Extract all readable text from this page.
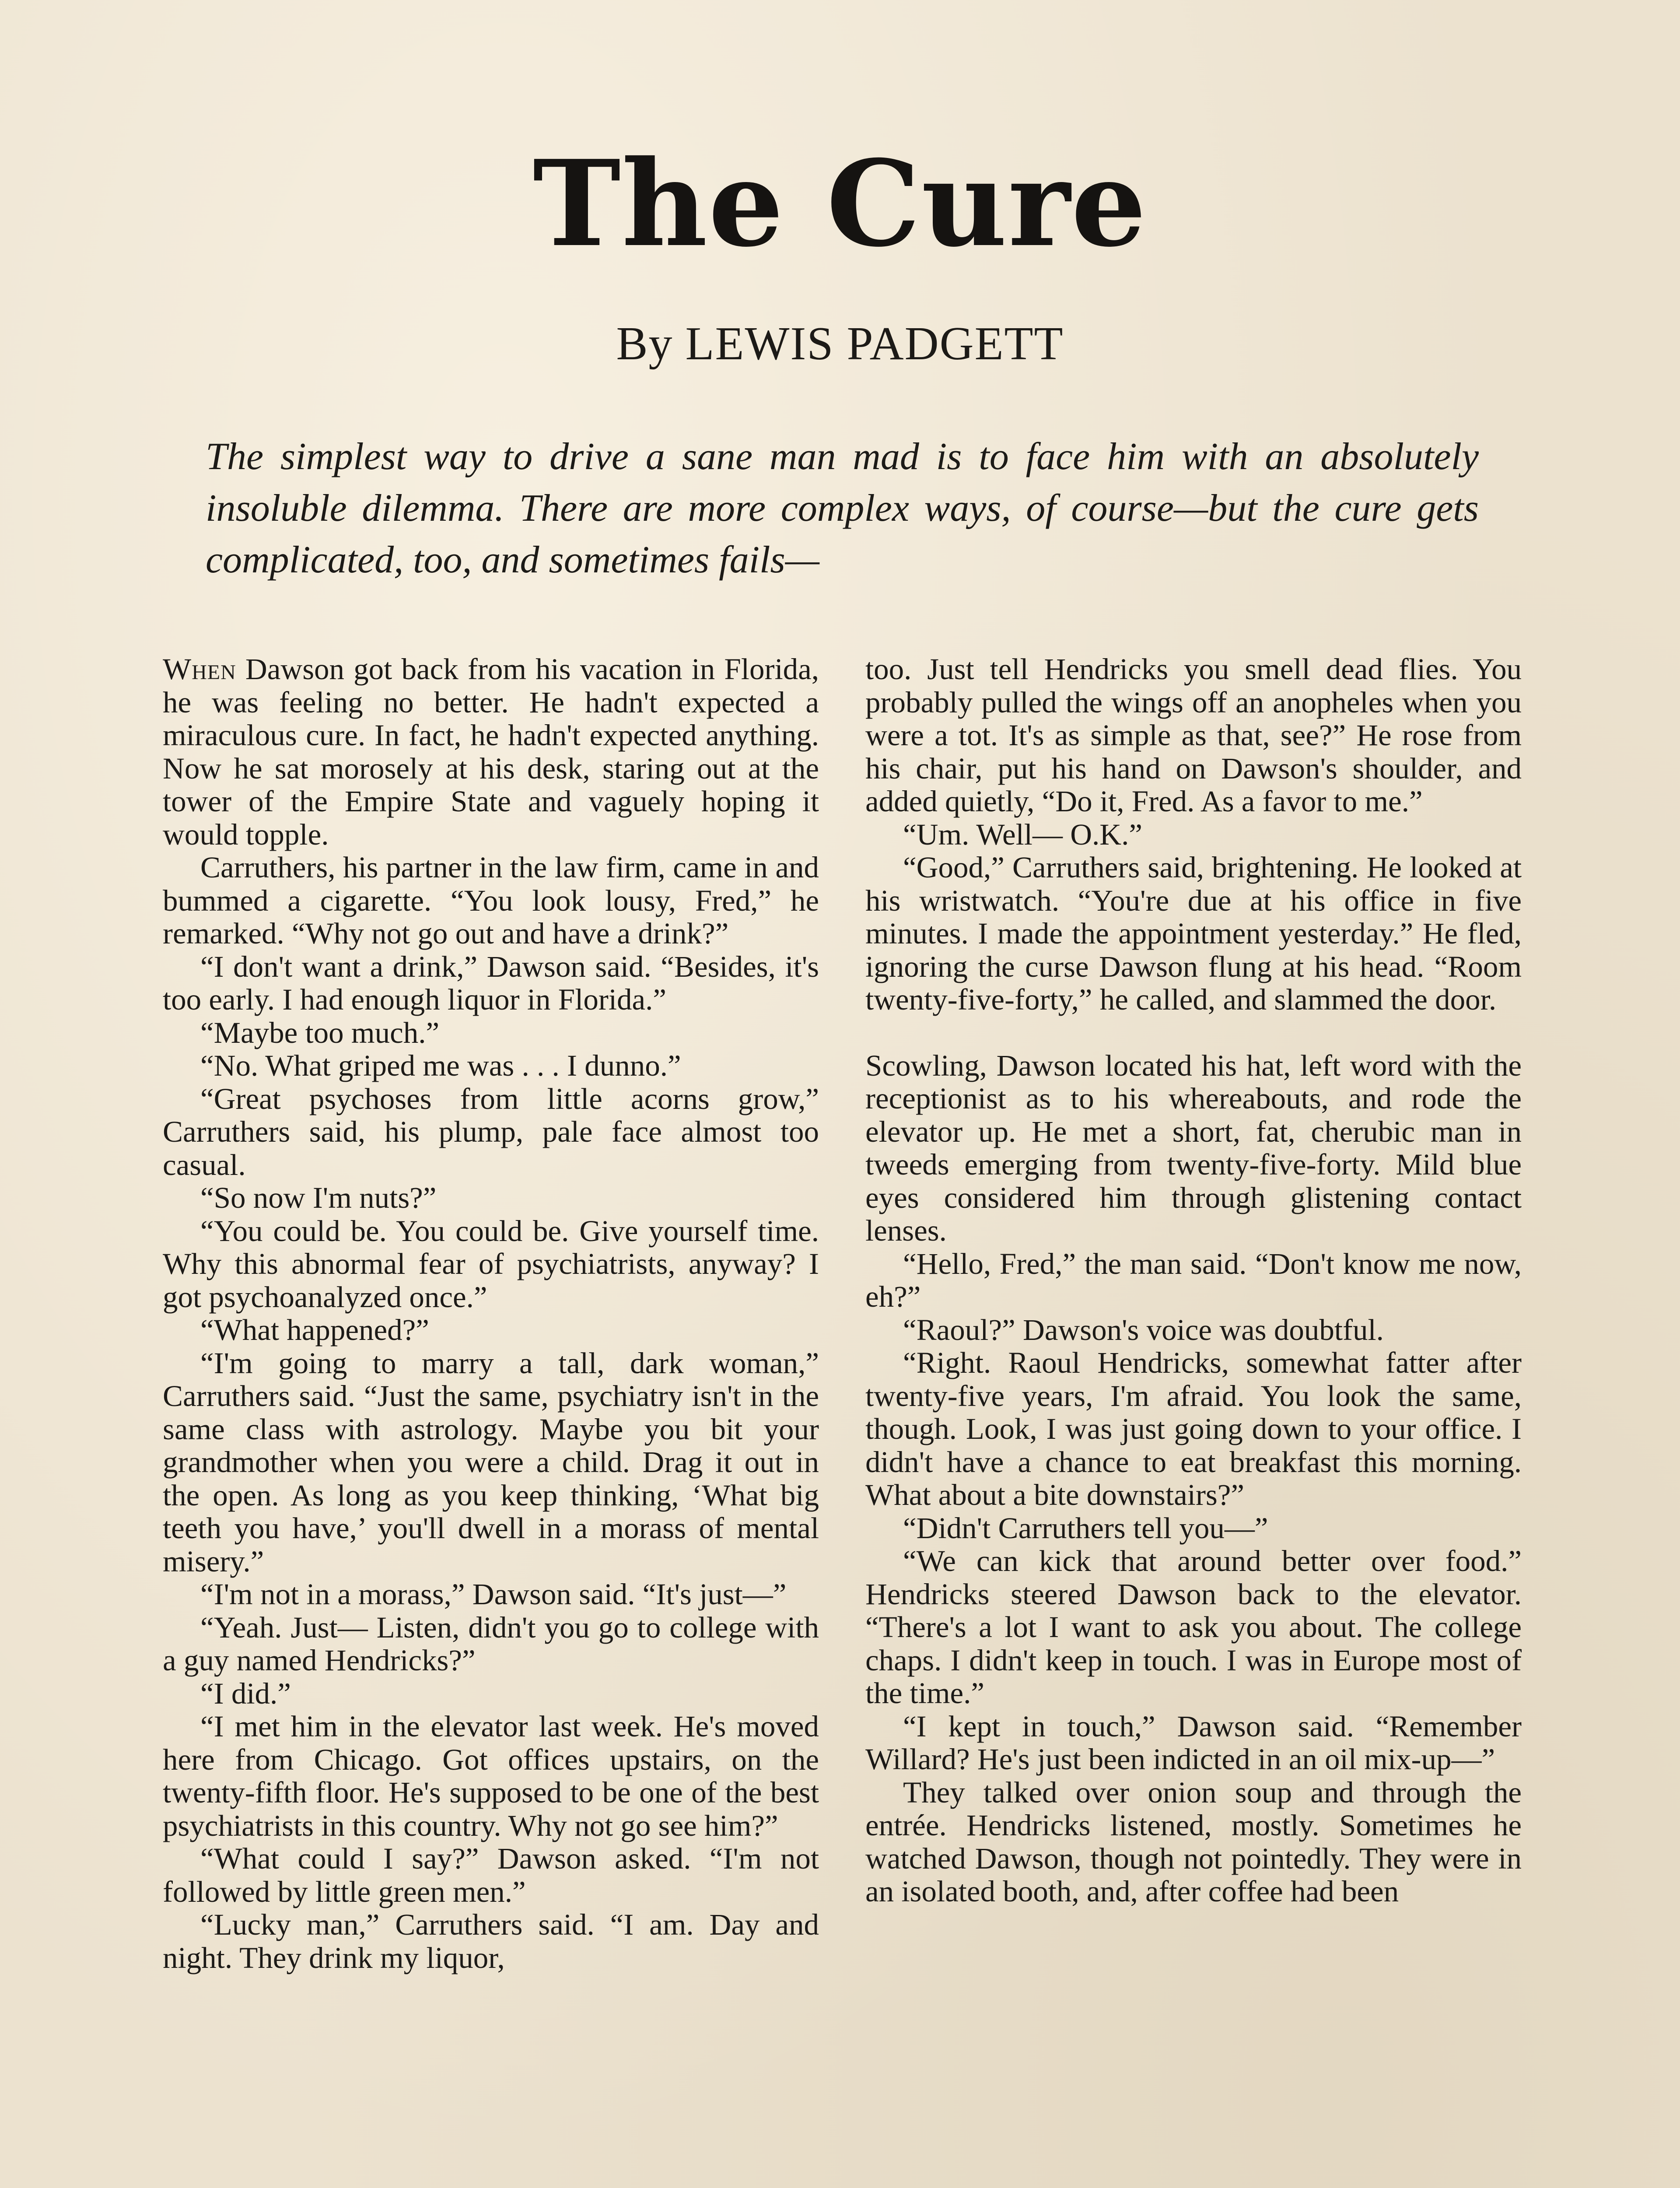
The Cure
By LEWIS PADGETT
The simplest way to drive a sane man mad is to face him with an absolutely insoluble dilemma. There are more complex ways, of course—but the cure gets complicated, too, and sometimes fails—

When Dawson got back from his vacation in Florida, he was feeling no better. He hadn't expected a miraculous cure. In fact, he hadn't expected anything. Now he sat morosely at his desk, staring out at the tower of the Empire State and vaguely hoping it would topple.

Carruthers, his partner in the law firm, came in and bummed a cigarette. “You look lousy, Fred,” he remarked. “Why not go out and have a drink?”

“I don't want a drink,” Dawson said. “Besides, it's too early. I had enough liquor in Florida.”

“Maybe too much.”

“No. What griped me was . . . I dunno.”

“Great psychoses from little acorns grow,” Carruthers said, his plump, pale face almost too casual.

“So now I'm nuts?”

“You could be. You could be. Give yourself time. Why this abnormal fear of psychiatrists, anyway? I got psychoanalyzed once.”

“What happened?”

“I'm going to marry a tall, dark woman,” Carruthers said. “Just the same, psychiatry isn't in the same class with astrology. Maybe you bit your grandmother when you were a child. Drag it out in the open. As long as you keep thinking, ‘What big teeth you have,’ you'll dwell in a morass of mental misery.”

“I'm not in a morass,” Dawson said. “It's just—”

“Yeah. Just— Listen, didn't you go to college with a guy named Hendricks?”

“I did.”

“I met him in the elevator last week. He's moved here from Chicago. Got offices upstairs, on the twenty-fifth floor. He's supposed to be one of the best psychiatrists in this country. Why not go see him?”

“What could I say?” Dawson asked. “I'm not followed by little green men.”

“Lucky man,” Carruthers said. “I am. Day and night. They drink my liquor,

too. Just tell Hendricks you smell dead flies. You probably pulled the wings off an anopheles when you were a tot. It's as simple as that, see?” He rose from his chair, put his hand on Dawson's shoulder, and added quietly, “Do it, Fred. As a favor to me.”

“Um. Well— O.K.”

“Good,” Carruthers said, brightening. He looked at his wristwatch. “You're due at his office in five minutes. I made the appointment yesterday.” He fled, ignoring the curse Dawson flung at his head. “Room twenty-five-forty,” he called, and slammed the door.

Scowling, Dawson located his hat, left word with the receptionist as to his whereabouts, and rode the elevator up. He met a short, fat, cherubic man in tweeds emerging from twenty-five-forty. Mild blue eyes considered him through glistening contact lenses.

“Hello, Fred,” the man said. “Don't know me now, eh?”

“Raoul?” Dawson's voice was doubtful.

“Right. Raoul Hendricks, somewhat fatter after twenty-five years, I'm afraid. You look the same, though. Look, I was just going down to your office. I didn't have a chance to eat breakfast this morning. What about a bite downstairs?”

“Didn't Carruthers tell you—”

“We can kick that around better over food.” Hendricks steered Dawson back to the elevator. “There's a lot I want to ask you about. The college chaps. I didn't keep in touch. I was in Europe most of the time.”

“I kept in touch,” Dawson said. “Remember Willard? He's just been indicted in an oil mix-up—”

They talked over onion soup and through the entrée. Hendricks listened, mostly. Sometimes he watched Dawson, though not pointedly. They were in an isolated booth, and, after coffee had been
